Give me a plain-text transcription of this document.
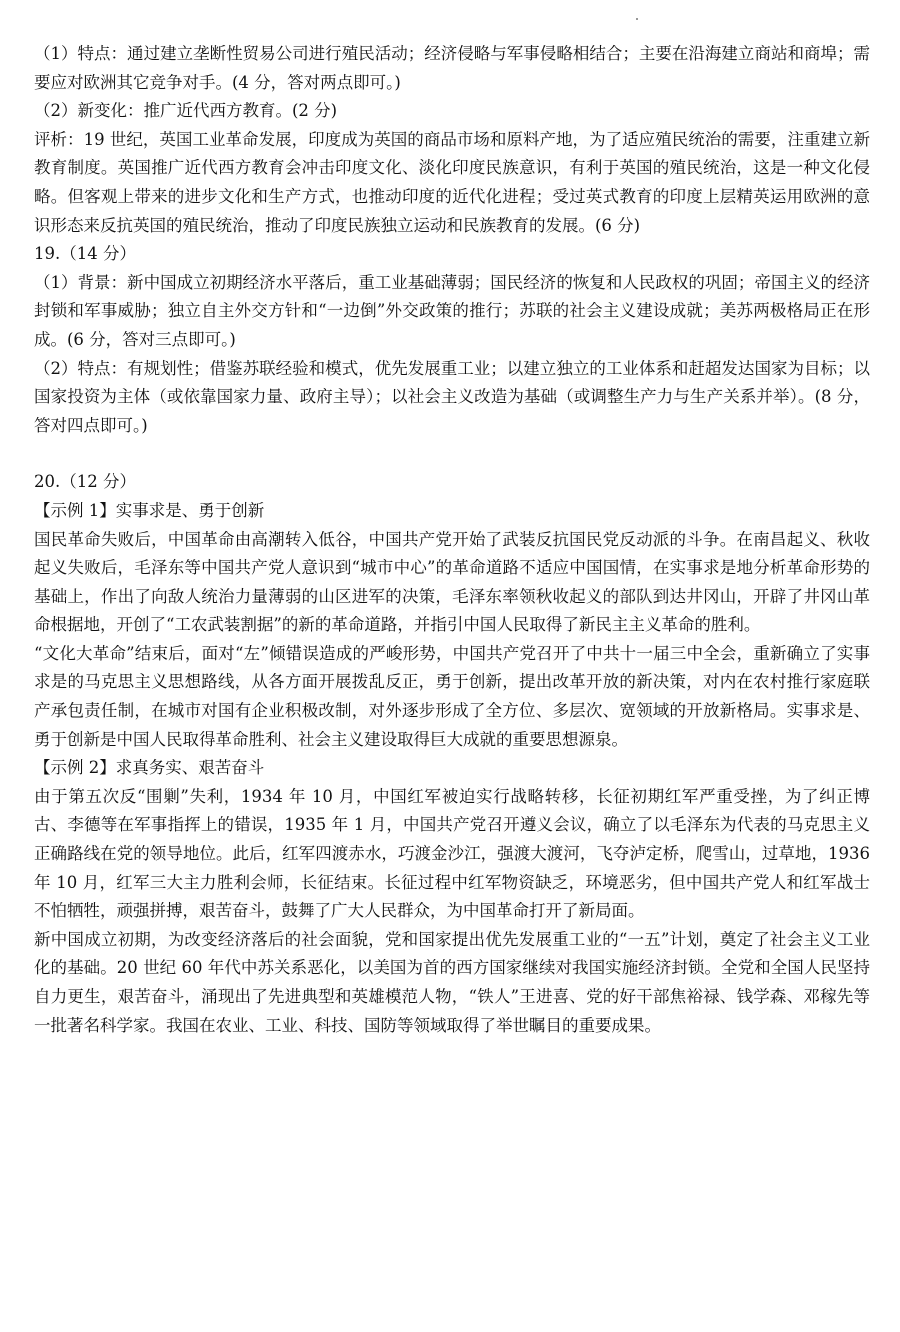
（1）特点：通过建立垄断性贸易公司进行殖民活动；经济侵略与军事侵略相结合；主要在沿海建立商站和商埠；需要应对欧洲其它竞争对手。(4 分，答对两点即可。)

（2）新变化：推广近代西方教育。(2 分)

评析：19 世纪，英国工业革命发展，印度成为英国的商品市场和原料产地，为了适应殖民统治的需要，注重建立新教育制度。英国推广近代西方教育会冲击印度文化、淡化印度民族意识，有利于英国的殖民统治，这是一种文化侵略。但客观上带来的进步文化和生产方式，也推动印度的近代化进程；受过英式教育的印度上层精英运用欧洲的意识形态来反抗英国的殖民统治，推动了印度民族独立运动和民族教育的发展。(6 分)

19.（14 分）

（1）背景：新中国成立初期经济水平落后，重工业基础薄弱；国民经济的恢复和人民政权的巩固；帝国主义的经济封锁和军事威胁；独立自主外交方针和“一边倒”外交政策的推行；苏联的社会主义建设成就；美苏两极格局正在形成。(6 分，答对三点即可。)

（2）特点：有规划性；借鉴苏联经验和模式，优先发展重工业；以建立独立的工业体系和赶超发达国家为目标；以国家投资为主体（或依靠国家力量、政府主导）；以社会主义改造为基础（或调整生产力与生产关系并举）。(8 分，答对四点即可。)

20.（12 分）

【示例 1】实事求是、勇于创新

国民革命失败后，中国革命由高潮转入低谷，中国共产党开始了武装反抗国民党反动派的斗争。在南昌起义、秋收起义失败后，毛泽东等中国共产党人意识到“城市中心”的革命道路不适应中国国情，在实事求是地分析革命形势的基础上，作出了向敌人统治力量薄弱的山区进军的决策，毛泽东率领秋收起义的部队到达井冈山，开辟了井冈山革命根据地，开创了“工农武装割据”的新的革命道路，并指引中国人民取得了新民主主义革命的胜利。

“文化大革命”结束后，面对“左”倾错误造成的严峻形势，中国共产党召开了中共十一届三中全会，重新确立了实事求是的马克思主义思想路线，从各方面开展拨乱反正，勇于创新，提出改革开放的新决策，对内在农村推行家庭联产承包责任制，在城市对国有企业积极改制，对外逐步形成了全方位、多层次、宽领域的开放新格局。实事求是、勇于创新是中国人民取得革命胜利、社会主义建设取得巨大成就的重要思想源泉。

【示例 2】求真务实、艰苦奋斗

由于第五次反“围剿”失利，1934 年 10 月，中国红军被迫实行战略转移，长征初期红军严重受挫，为了纠正博古、李德等在军事指挥上的错误，1935 年 1 月，中国共产党召开遵义会议，确立了以毛泽东为代表的马克思主义正确路线在党的领导地位。此后，红军四渡赤水，巧渡金沙江，强渡大渡河，飞夺泸定桥，爬雪山，过草地，1936 年 10 月，红军三大主力胜利会师，长征结束。长征过程中红军物资缺乏，环境恶劣，但中国共产党人和红军战士不怕牺牲，顽强拼搏，艰苦奋斗，鼓舞了广大人民群众，为中国革命打开了新局面。

新中国成立初期，为改变经济落后的社会面貌，党和国家提出优先发展重工业的“一五”计划，奠定了社会主义工业化的基础。20 世纪 60 年代中苏关系恶化，以美国为首的西方国家继续对我国实施经济封锁。全党和全国人民坚持自力更生，艰苦奋斗，涌现出了先进典型和英雄模范人物，“铁人”王进喜、党的好干部焦裕禄、钱学森、邓稼先等一批著名科学家。我国在农业、工业、科技、国防等领域取得了举世瞩目的重要成果。
